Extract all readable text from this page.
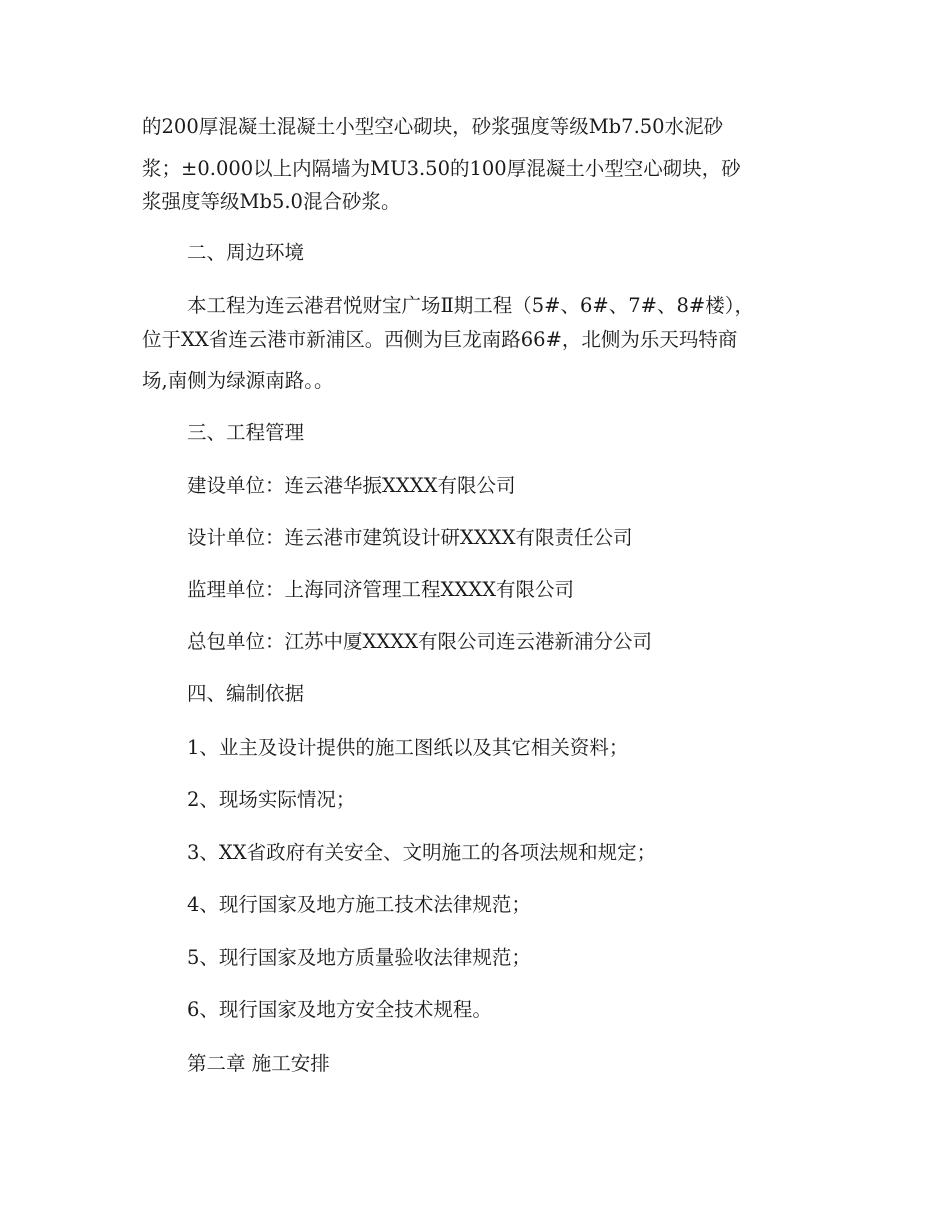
的200厚混凝土混凝土小型空心砌块，砂浆强度等级Mb7.50水泥砂
浆；±0.000以上内隔墙为MU3.50的100厚混凝土小型空心砌块，砂
浆强度等级Mb5.0混合砂浆。
二、周边环境
本工程为连云港君悦财宝广场Ⅱ期工程（5#、6#、7#、8#楼），
位于XX省连云港市新浦区。西侧为巨龙南路66#，北侧为乐天玛特商
场,南侧为绿源南路。。
三、工程管理
建设单位：连云港华振XXXX有限公司
设计单位：连云港市建筑设计研XXXX有限责任公司
监理单位：上海同济管理工程XXXX有限公司
总包单位：江苏中厦XXXX有限公司连云港新浦分公司
四、编制依据
1、业主及设计提供的施工图纸以及其它相关资料；
2、现场实际情况；
3、XX省政府有关安全、文明施工的各项法规和规定；
4、现行国家及地方施工技术法律规范；
5、现行国家及地方质量验收法律规范；
6、现行国家及地方安全技术规程。
第二章 施工安排
